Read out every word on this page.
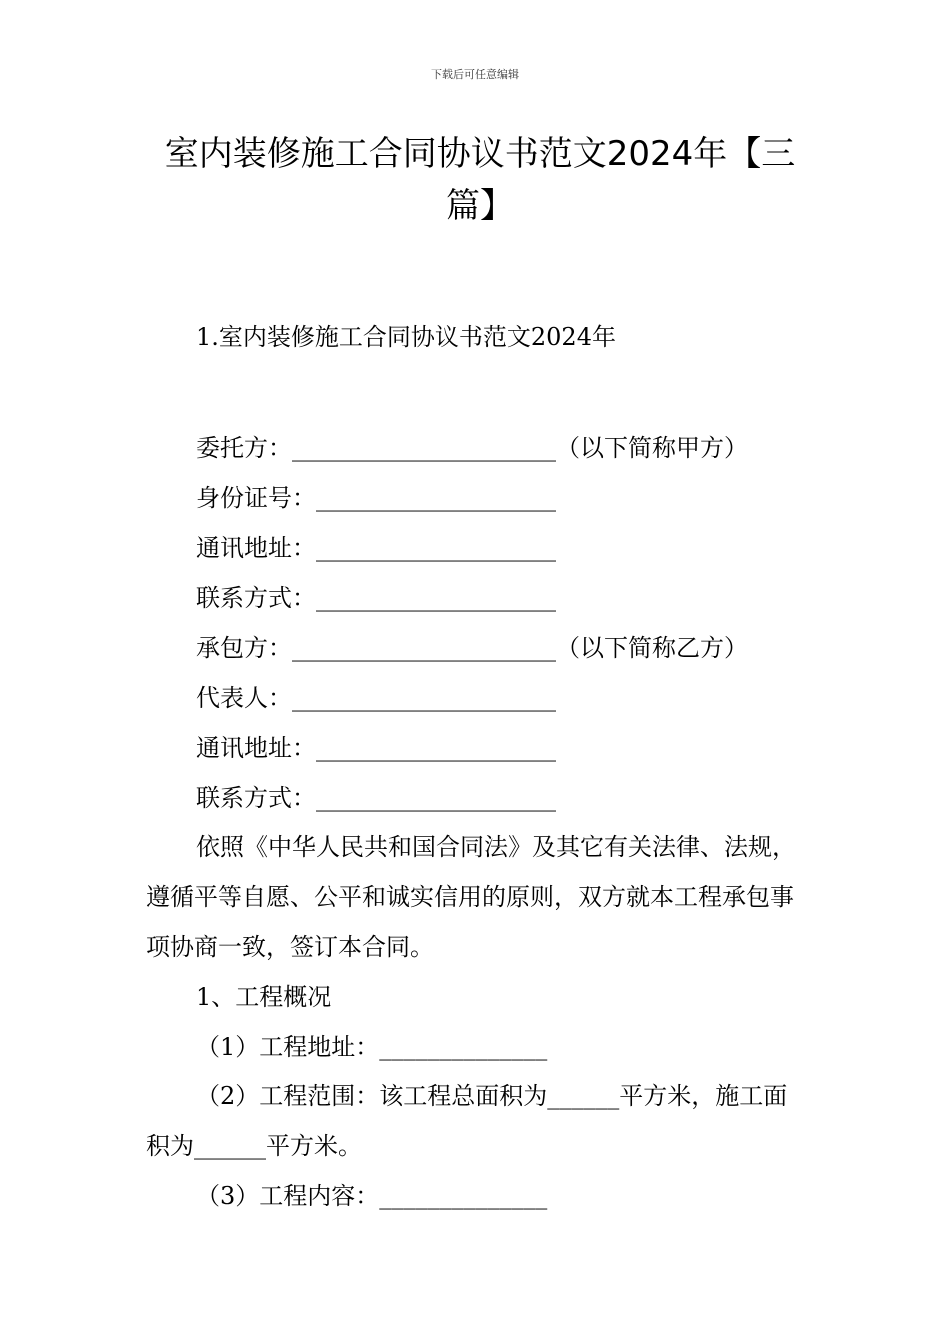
下载后可任意编辑
室内装修施工合同协议书范文2024年【三篇】
1.室内装修施工合同协议书范文2024年
委托方：______________________（以下简称甲方）
身份证号：____________________
通讯地址：____________________
联系方式：____________________
承包方：______________________（以下简称乙方）
代表人：______________________
通讯地址：____________________
联系方式：____________________

依照《中华人民共和国合同法》及其它有关法律、法规，遵循平等自愿、公平和诚实信用的原则，双方就本工程承包事项协商一致，签订本合同。

1、工程概况
（1）工程地址：______________

（2）工程范围：该工程总面积为______平方米，施工面积为______平方米。

（3）工程内容：______________
